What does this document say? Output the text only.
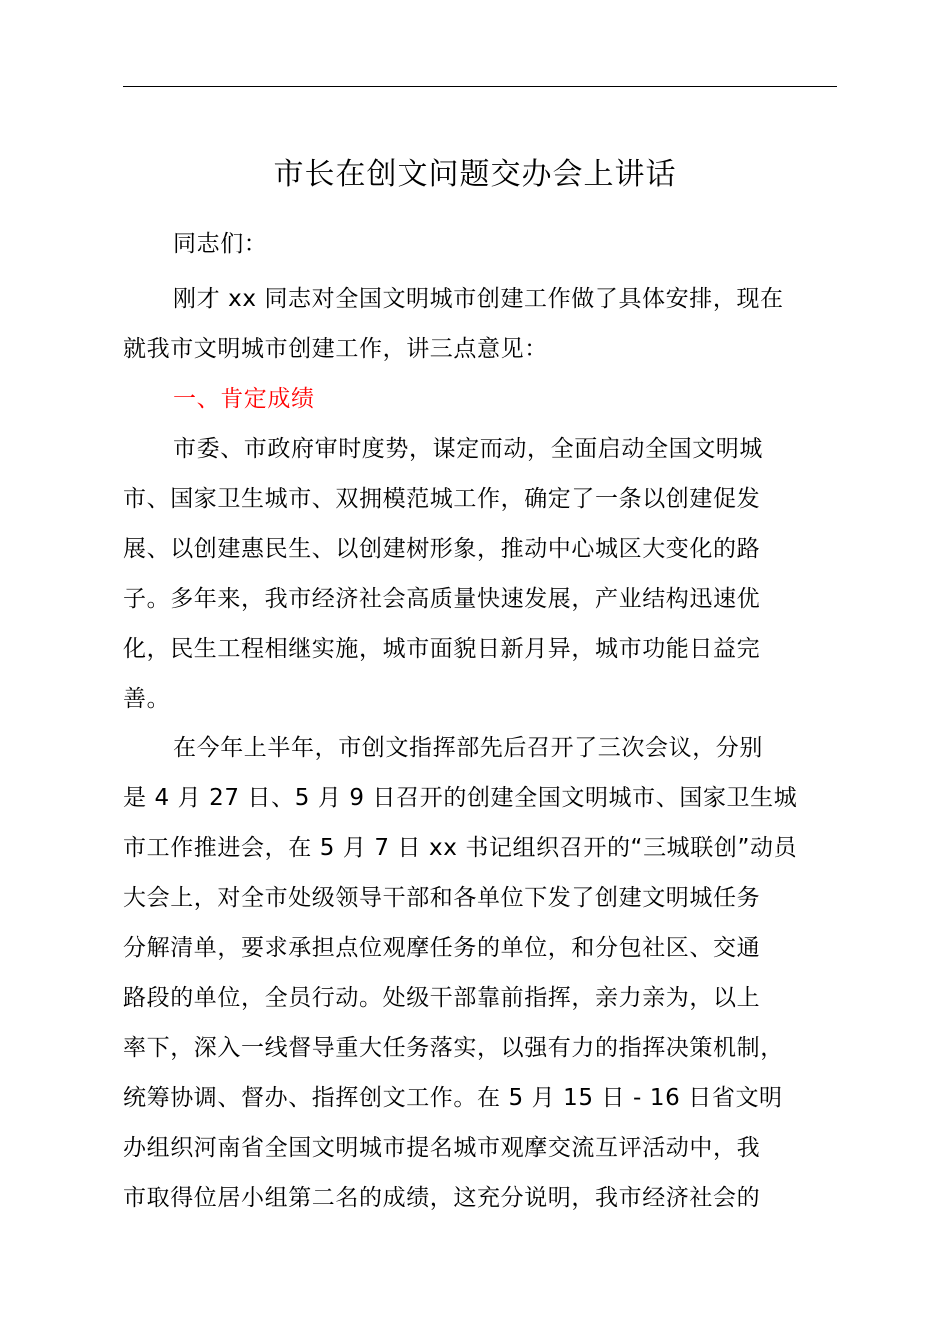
市长在创文问题交办会上讲话
同志们：
刚才 xx 同志对全国文明城市创建工作做了具体安排，现在
就我市文明城市创建工作，讲三点意见：
一、肯定成绩
市委、市政府审时度势，谋定而动，全面启动全国文明城
市、国家卫生城市、双拥模范城工作，确定了一条以创建促发
展、以创建惠民生、以创建树形象，推动中心城区大变化的路
子。多年来，我市经济社会高质量快速发展，产业结构迅速优
化，民生工程相继实施，城市面貌日新月异，城市功能日益完
善。
在今年上半年，市创文指挥部先后召开了三次会议，分别
是 4 月 27 日、5 月 9 日召开的创建全国文明城市、国家卫生城
市工作推进会，在 5 月 7 日 xx 书记组织召开的“三城联创”动员
大会上，对全市处级领导干部和各单位下发了创建文明城任务
分解清单，要求承担点位观摩任务的单位，和分包社区、交通
路段的单位，全员行动。处级干部靠前指挥，亲力亲为，以上
率下，深入一线督导重大任务落实，以强有力的指挥决策机制，
统筹协调、督办、指挥创文工作。在 5 月 15 日 - 16 日省文明
办组织河南省全国文明城市提名城市观摩交流互评活动中，我
市取得位居小组第二名的成绩，这充分说明，我市经济社会的
